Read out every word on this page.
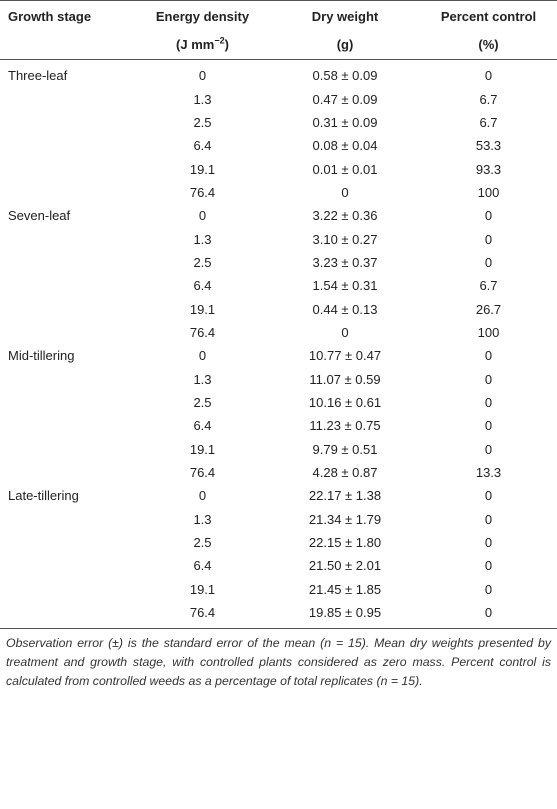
Growth stage	Energy density	Dry weight	Percent control
	(J $mm^{-2}$)	(g)	(%)
Three-leaf	0	0.58 ± 0.09	0
	1.3	0.47 ± 0.09	6.7
	2.5	0.31 ± 0.09	6.7
	6.4	0.08 ± 0.04	53.3
	19.1	0.01 ± 0.01	93.3
	76.4	0	100
Seven-leaf	0	3.22 ± 0.36	0
	1.3	3.10 ± 0.27	0
	2.5	3.23 ± 0.37	0
	6.4	1.54 ± 0.31	6.7
	19.1	0.44 ± 0.13	26.7
	76.4	0	100
Mid-tillering	0	10.77 ± 0.47	0
	1.3	11.07 ± 0.59	0
	2.5	10.16 ± 0.61	0
	6.4	11.23 ± 0.75	0
	19.1	9.79 ± 0.51	0
	76.4	4.28 ± 0.87	13.3
Late-tillering	0	22.17 ± 1.38	0
	1.3	21.34 ± 1.79	0
	2.5	22.15 ± 1.80	0
	6.4	21.50 ± 2.01	0
	19.1	21.45 ± 1.85	0
	76.4	19.85 ± 0.95	0
Observation error (±) is the standard error of the mean (n = 15). Mean dry weights presented by treatment and growth stage, with controlled plants considered as zero mass. Percent control is calculated from controlled weeds as a percentage of total replicates (n = 15).
